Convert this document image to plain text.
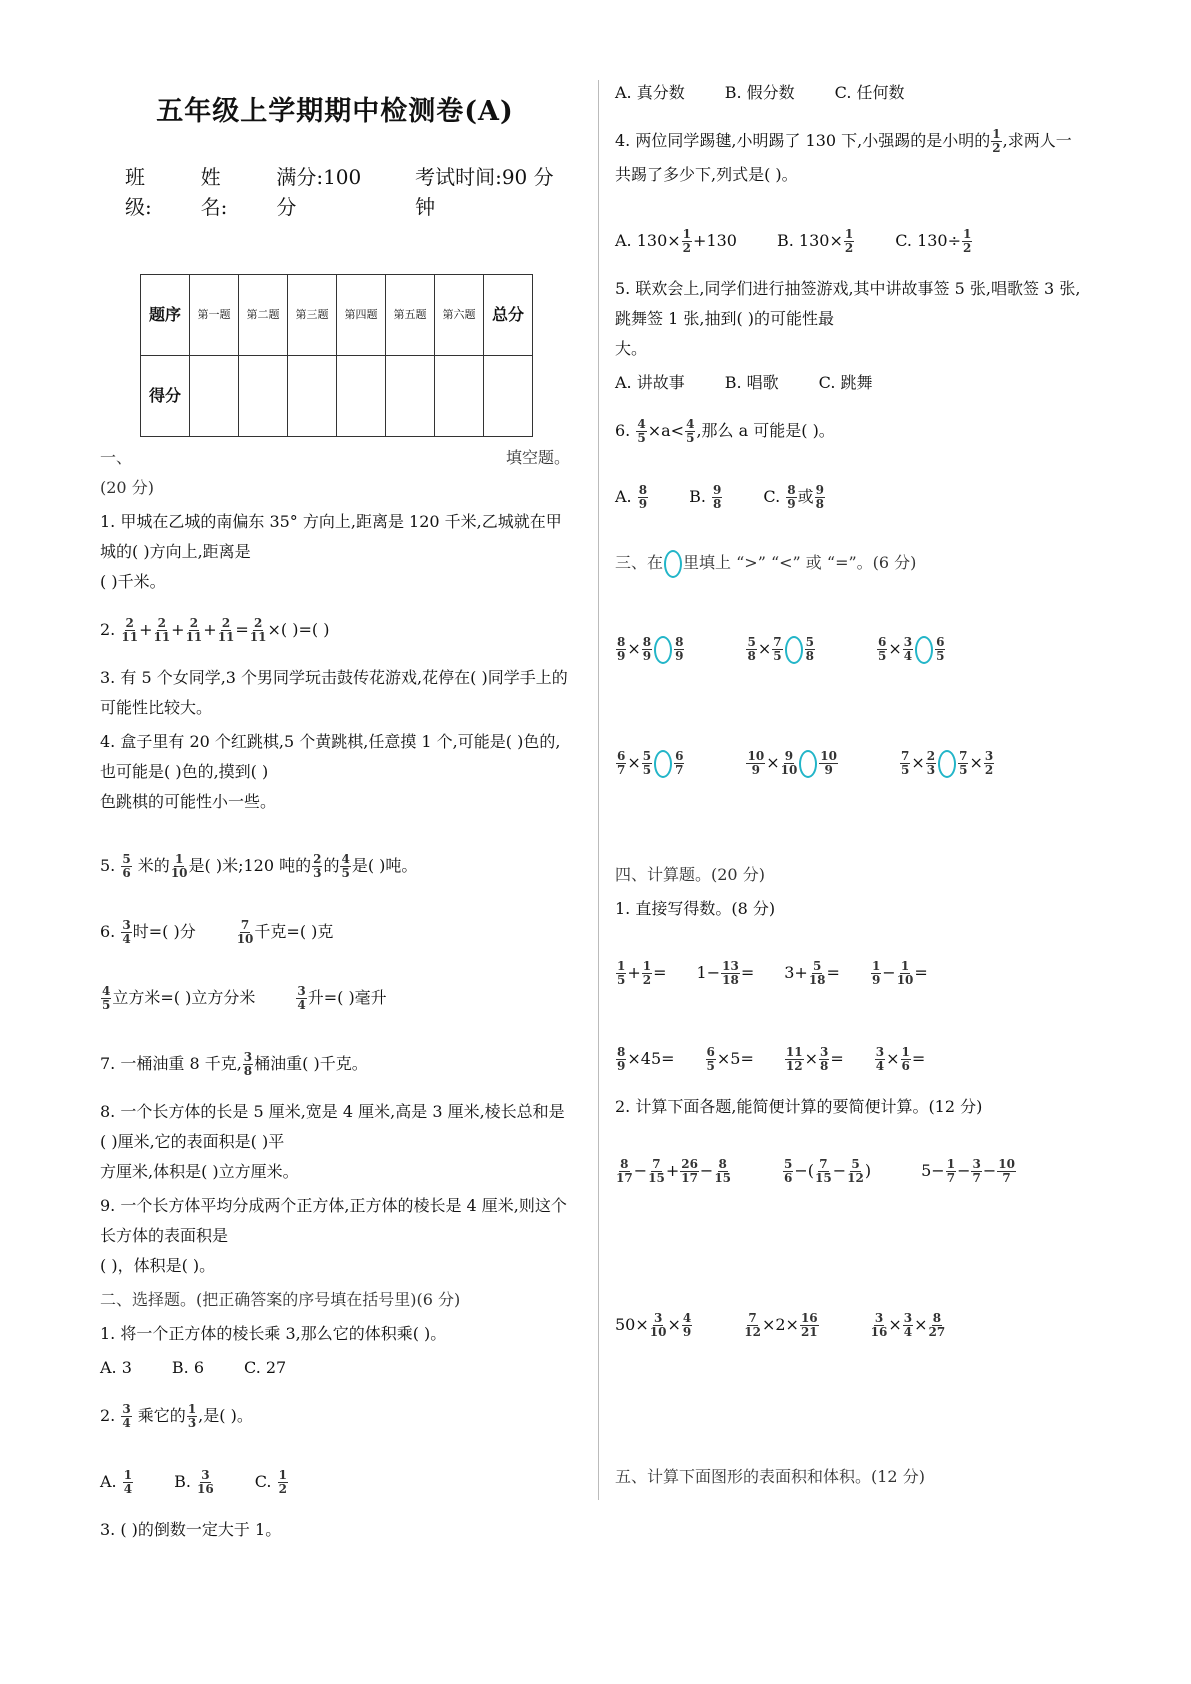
五年级上学期期中检测卷(A)
班级:
姓名:
满分:100 分
考试时间:90 分钟
题序	第一题	第二题	第三题	第四题	第五题	第六题	总分
得分							
一、	填空题。
(20 分)
1. 甲城在乙城的南偏东 35° 方向上,距离是 120 千米,乙城就在甲城的( )方向上,距离是
( )千米。
2. $\frac{2}{11} + \frac{2}{11} + \frac{2}{11} + \frac{2}{11} = \frac{2}{11}$ ×( )=( )
3. 有 5 个女同学,3 个男同学玩击鼓传花游戏,花停在( )同学手上的可能性比较大。
4. 盒子里有 20 个红跳棋,5 个黄跳棋,任意摸 1 个,可能是( )色的,也可能是( )色的,摸到( )
色跳棋的可能性小一些。
5. $\frac{5}{6}$ 米的 $\frac{1}{10}$ 是( )米;120 吨的 $\frac{2}{3}$ 的 $\frac{4}{5}$ 是( )吨。
6. $\frac{3}{4}$ 时=( )分	$\frac{7}{10}$ 千克=( )克
$\frac{4}{5}$ 立方米=( )立方分米	$\frac{3}{4}$ 升=( )毫升
7. 一桶油重 8 千克, $\frac{3}{8}$ 桶油重( )千克。
8. 一个长方体的长是 5 厘米,宽是 4 厘米,高是 3 厘米,棱长总和是( )厘米,它的表面积是( )平
方厘米,体积是( )立方厘米。
9. 一个长方体平均分成两个正方体,正方体的棱长是 4 厘米,则这个长方体的表面积是
( )，体积是( )。
二、选择题。(把正确答案的序号填在括号里)(6 分)
1. 将一个正方体的棱长乘 3,那么它的体积乘( )。
A. 3	B. 6	C. 27
2. $\frac{3}{4}$ 乘它的 $\frac{1}{3}$ ,是( )。
A. $\frac{1}{4}$	B. $\frac{3}{16}$	C. $\frac{1}{2}$
3. ( )的倒数一定大于 1。
A. 真分数	B. 假分数	C. 任何数
4. 两位同学踢毽,小明踢了 130 下,小强踢的是小明的 $\frac{1}{2}$ ,求两人一共踢了多少下,列式是( )。
A. $130\times \frac{1}{2} +130$	B. $130\times \frac{1}{2}$	C. $130\div \frac{1}{2}$
5. 联欢会上,同学们进行抽签游戏,其中讲故事签 5 张,唱歌签 3 张,跳舞签 1 张,抽到( )的可能性最
大。
A. 讲故事	B. 唱歌	C. 跳舞
6. $\frac{4}{5} \times a< \frac{4}{5}$ ,那么 a 可能是( )。
A. $\frac{8}{9}$	B. $\frac{9}{8}$	C. $\frac{8}{9}$ 或 $\frac{9}{8}$
三、在 里填上 “>” “<” 或 “=”。(6 分)
$\frac{8}{9} \times \frac{8}{9} \frac{8}{9}$	$\frac{5}{8} \times \frac{7}{5} \frac{5}{8}$	$\frac{6}{5} \times \frac{3}{4} \frac{6}{5}$
$\frac{6}{7} \times \frac{5}{5} \frac{6}{7}$	$\frac{10}{9} \times \frac{9}{10} \frac{10}{9}$	$\frac{7}{5} \times \frac{2}{3} \frac{7}{5} \times \frac{3}{2}$
四、计算题。(20 分)
1. 直接写得数。(8 分)
$\frac{1}{5} + \frac{1}{2} = 1- \frac{13}{18} = 3+ \frac{5}{18}$ =	$\frac{1}{9} - \frac{1}{10}$ =
$\frac{8}{9} \times 45=$	$\frac{6}{5} \times 5=$	$\frac{11}{12} \times \frac{3}{8}$ =	$\frac{3}{4} \times \frac{1}{6}$ =
2. 计算下面各题,能简便计算的要简便计算。(12 分)
$\frac{8}{17} - \frac{7}{15} + \frac{26}{17} - \frac{8}{15}$	$\frac{5}{6}$ −( $\frac{7}{15} - \frac{5}{12}$ )	$5- \frac{1}{7} - \frac{3}{7} - \frac{10}{7}$
$50\times \frac{3}{10} \times \frac{4}{9}$	$\frac{7}{12} \times 2\times \frac{16}{21}$	$\frac{3}{16} \times \frac{3}{4} \times \frac{8}{27}$
五、计算下面图形的表面积和体积。(12 分)
